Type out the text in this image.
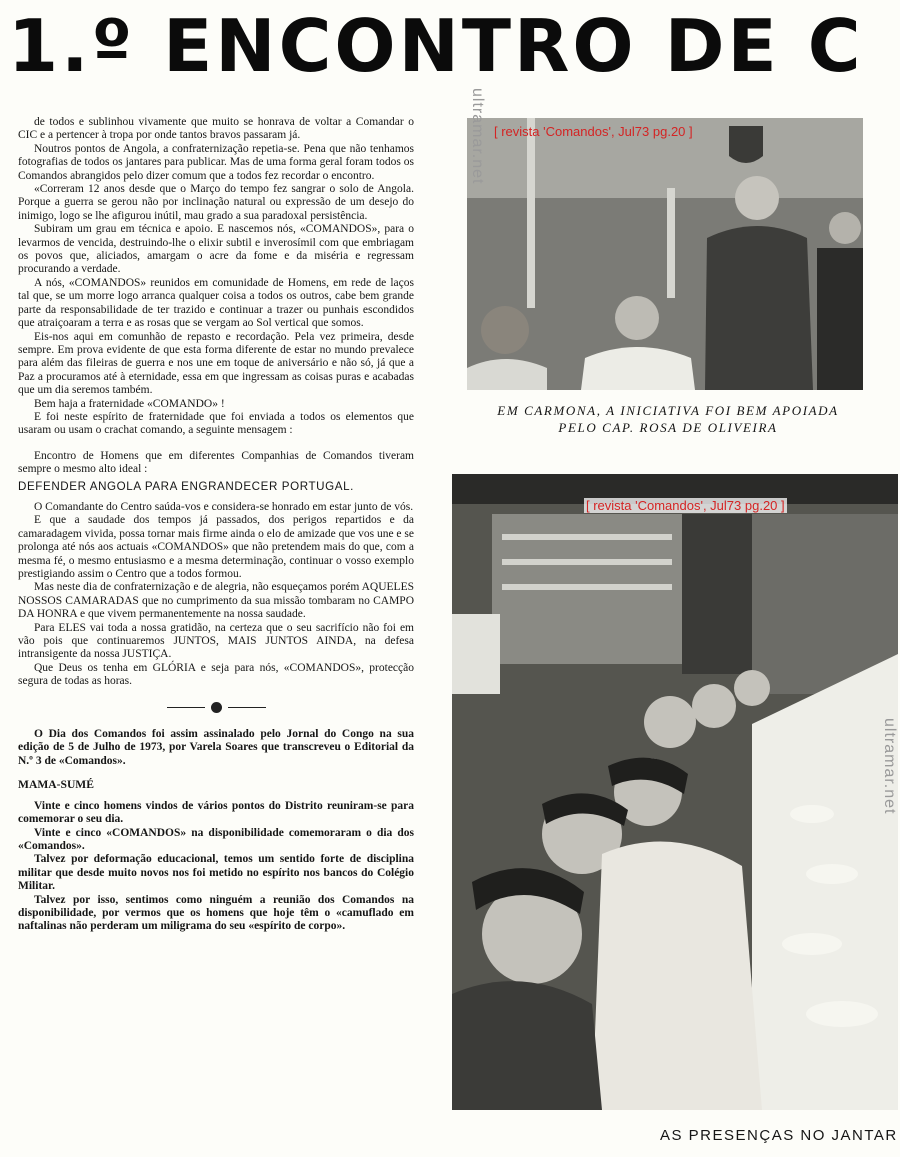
1.º ENCONTRO DE C

de todos e sublinhou vivamente que muito se honrava de voltar a Comandar o CIC e a pertencer à tropa por onde tantos bravos passaram já.

Noutros pontos de Angola, a confraternização repetia-se. Pena que não tenhamos fotografias de todos os jantares para publicar. Mas de uma forma geral foram todos os Comandos abrangidos pelo dizer comum que a todos fez recordar o encontro.

«Correram 12 anos desde que o Março do tempo fez sangrar o solo de Angola. Porque a guerra se gerou não por inclinação natural ou expressão de um desejo do inimigo, logo se lhe afigurou inútil, mau grado a sua paradoxal persistência.

Subiram um grau em técnica e apoio. E nascemos nós, «COMANDOS», para o levarmos de vencida, destruindo-lhe o elixir subtil e inverosímil com que embriagam os povos que, aliciados, amargam o acre da fome e da miséria e regressam procurando a verdade.

A nós, «COMANDOS» reunidos em comunidade de Homens, em rede de laços tal que, se um morre logo arranca qualquer coisa a todos os outros, cabe bem grande parte da responsabilidade de ter trazido e continuar a trazer ou punhais escondidos que atraiçoaram a terra e as rosas que se vergam ao Sol vertical que somos.

Eis-nos aqui em comunhão de repasto e recordação. Pela vez primeira, desde sempre. Em prova evidente de que esta forma diferente de estar no mundo prevalece para além das fileiras de guerra e nos une em toque de aniversário e não só, já que a Paz a procuramos até à eternidade, essa em que ingressam as coisas puras e acabadas que um dia seremos também.

Bem haja a fraternidade «COMANDO» !

E foi neste espírito de fraternidade que foi enviada a todos os elementos que usaram ou usam o crachat comando, a seguinte mensagem :

Encontro de Homens que em diferentes Companhias de Comandos tiveram sempre o mesmo alto ideal :

DEFENDER ANGOLA PARA ENGRANDECER PORTUGAL.

O Comandante do Centro saúda-vos e considera-se honrado em estar junto de vós.

E que a saudade dos tempos já passados, dos perigos repartidos e da camaradagem vivida, possa tornar mais firme ainda o elo de amizade que vos une e se prolonga até nós aos actuais «COMANDOS» que não pretendem mais do que, com a mesma fé, o mesmo entusiasmo e a mesma determinação, continuar o vosso exemplo prestigiando assim o Centro que a todos formou.

Mas neste dia de confraternização e de alegria, não esqueçamos porém AQUELES NOSSOS CAMARADAS que no cumprimento da sua missão tombaram no CAMPO DA HONRA e que vivem permanentemente na nossa saudade.

Para ELES vai toda a nossa gratidão, na certeza que o seu sacrifício não foi em vão pois que continuaremos JUNTOS, MAIS JUNTOS AINDA, na defesa intransigente da nossa JUSTIÇA.

Que Deus os tenha em GLÓRIA e seja para nós, «COMANDOS», protecção segura de todas as horas.

O Dia dos Comandos foi assim assinalado pelo Jornal do Congo na sua edição de 5 de Julho de 1973, por Varela Soares que transcreveu o Editorial da N.º 3 de «Comandos».

MAMA-SUMÉ

Vinte e cinco homens vindos de vários pontos do Distrito reuniram-se para comemorar o seu dia.

Vinte e cinco «COMANDOS» na disponibilidade comemoraram o dia dos «Comandos».

Talvez por deformação educacional, temos um sentido forte de disciplina militar que desde muito novos nos foi metido no espírito nos bancos do Colégio Militar.

Talvez por isso, sentimos como ninguém a reunião dos Comandos na disponibilidade, por vermos que os homens que hoje têm o «camuflado em naftalinas não perderam um miligrama do seu «espírito de corpo».

[ revista 'Comandos', Jul73 pg.20 ]
ultramar.net
EM CARMONA, A INICIATIVA FOI BEM APOIADA
PELO CAP. ROSA DE OLIVEIRA
[ revista 'Comandos', Jul73 pg.20 ]
ultramar.net
AS PRESENÇAS NO JANTAR
